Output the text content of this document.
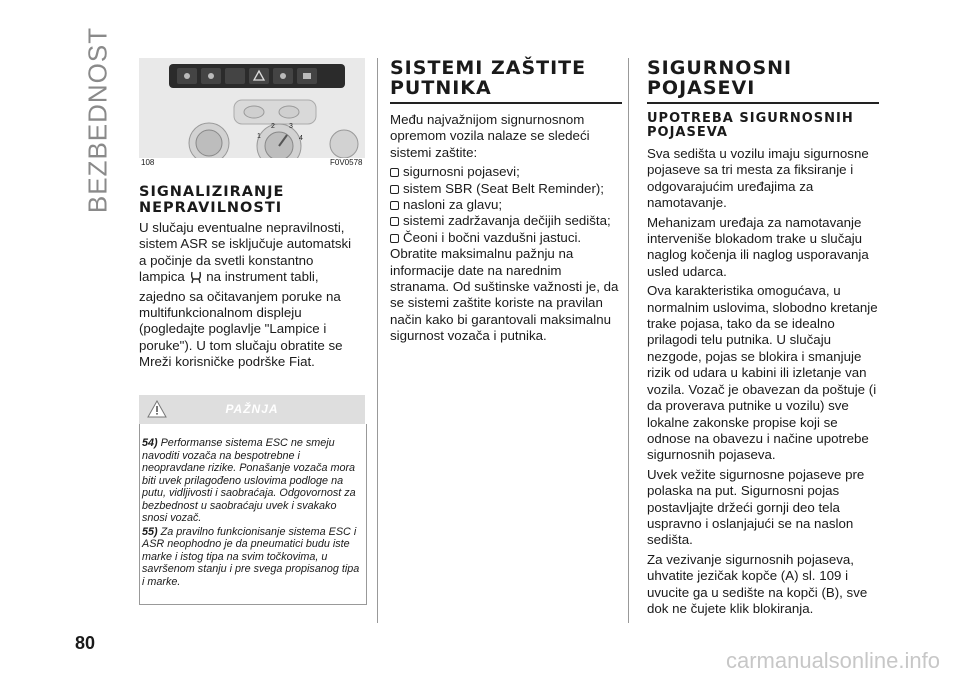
BEZBEDNOST	1
2 3
4
108	F0V0578
SIGNALIZIRANJE NEPRAVILNOSTI

U slučaju eventualne nepravilnosti,
sistem ASR se isključuje automatski
a počinje da svetli konstantno
lampica na instrument tabli, zajedno sa očitavanjem poruke na multifunkcionalnom displeju (pogledajte poglavlje "Lampice i poruke"). U tom slučaju obratite se Mreži korisničke podrške Fiat.

PAŽNJA

54) Performanse sistema ESC ne smeju navoditi vozača na bespotrebne i neopravdane rizike. Ponašanje vozača mora biti uvek prilagođeno uslovima podloge na putu, vidljivosti i saobraćaja. Odgovornost za bezbednost u saobraćaju uvek i svakako snosi vozač.

55) Za pravilno funkcionisanje sistema ESC i ASR neophodno je da pneumatici budu iste marke i istog tipa na svim točkovima, u savršenom stanju i pre svega propisanog tipa i marke.

SISTEMI ZAŠTITE PUTNIKA

Među najvažnijom signurnosnom opremom vozila nalaze se sledeći sistemi zaštite:

sigurnosni pojasevi;
sistem SBR (Seat Belt Reminder);
nasloni za glavu;
sistemi zadržavanja dečijih sedišta;
Čeoni i bočni vazdušni jastuci.

Obratite maksimalnu pažnju na informacije date na narednim stranama. Od suštinske važnosti je, da se sistemi zaštite koriste na pravilan način kako bi garantovali maksimalnu sigurnost vozača i putnika.

SIGURNOSNI POJASEVI
UPOTREBA SIGURNOSNIH POJASEVA

Sva sedišta u vozilu imaju sigurnosne pojaseve sa tri mesta za fiksiranje i odgovarajućim uređajima za namotavanje.

Mehanizam uređaja za namotavanje interveniše blokadom trake u slučaju naglog kočenja ili naglog usporavanja usled udarca.

Ova karakteristika omogućava, u normalnim uslovima, slobodno kretanje trake pojasa, tako da se idealno prilagodi telu putnika. U slučaju nezgode, pojas se blokira i smanjuje rizik od udara u kabini ili izletanje van vozila. Vozač je obavezan da poštuje (i da proverava putnike u vozilu) sve lokalne zakonske propise koji se odnose na obavezu i načine upotrebe sigurnosnih pojaseva.

Uvek vežite sigurnosne pojaseve pre polaska na put. Sigurnosni pojas postavljajte držeći gornji deo tela uspravno i oslanjajući se na naslon sedišta.

Za vezivanje sigurnosnih pojaseva, uhvatite jezičak kopče (A) sl. 109 i uvucite ga u sedište na kopči (B), sve dok ne čujete klik blokiranja.

80
carmanualsonline.info
